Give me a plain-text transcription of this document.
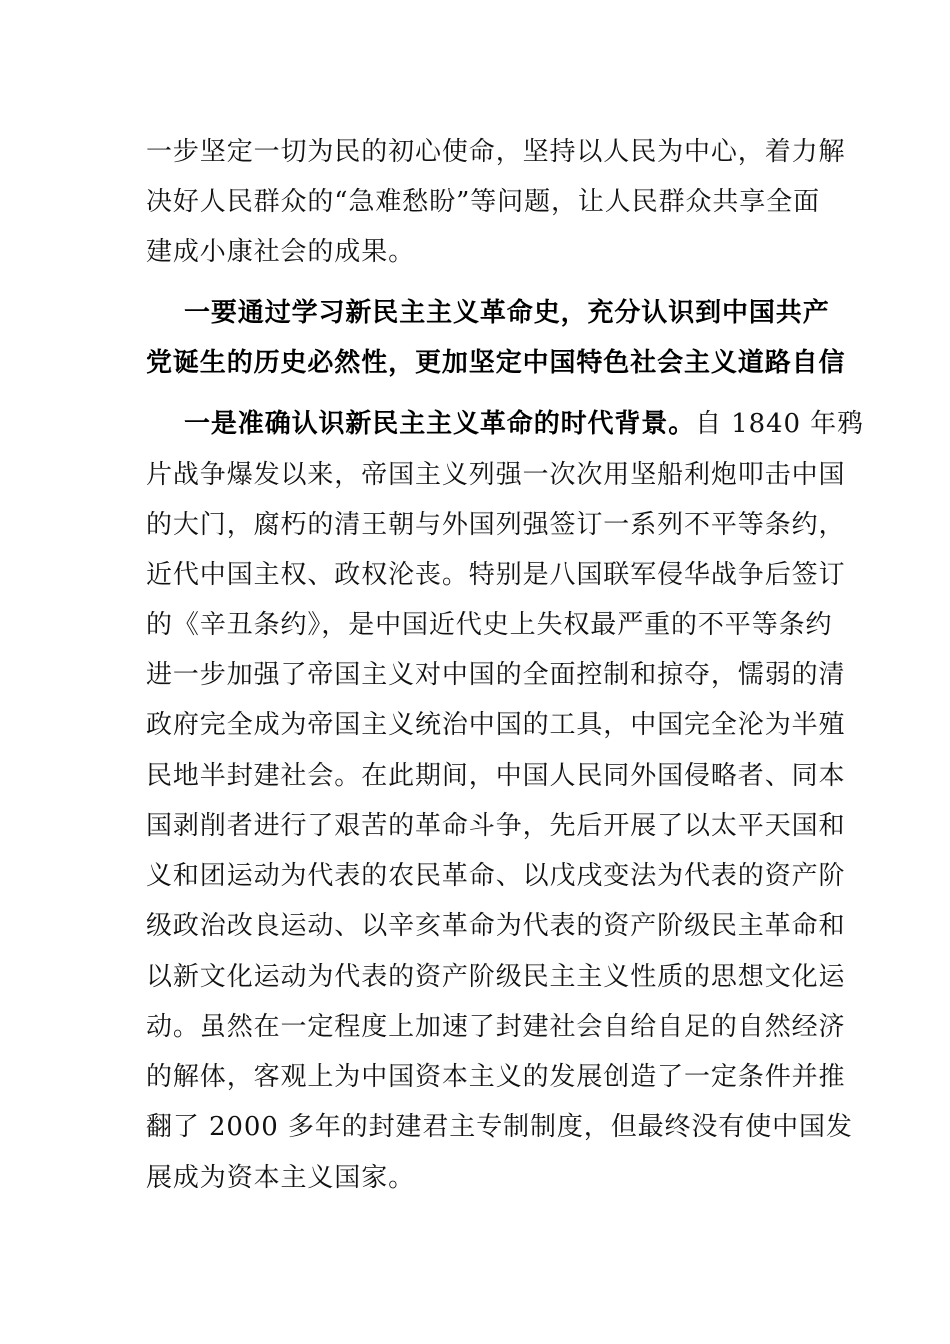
一步坚定一切为民的初心使命，坚持以人民为中心，着力解
决好人民群众的“急难愁盼”等问题，让人民群众共享全面
建成小康社会的成果。
一要通过学习新民主主义革命史，充分认识到中国共产
党诞生的历史必然性，更加坚定中国特色社会主义道路自信
一是准确认识新民主主义革命的时代背景。自 1840 年鸦
片战争爆发以来，帝国主义列强一次次用坚船利炮叩击中国
的大门，腐朽的清王朝与外国列强签订一系列不平等条约，
近代中国主权、政权沦丧。特别是八国联军侵华战争后签订
的《辛丑条约》，是中国近代史上失权最严重的不平等条约
进一步加强了帝国主义对中国的全面控制和掠夺，懦弱的清
政府完全成为帝国主义统治中国的工具，中国完全沦为半殖
民地半封建社会。在此期间，中国人民同外国侵略者、同本
国剥削者进行了艰苦的革命斗争，先后开展了以太平天国和
义和团运动为代表的农民革命、以戊戌变法为代表的资产阶
级政治改良运动、以辛亥革命为代表的资产阶级民主革命和
以新文化运动为代表的资产阶级民主主义性质的思想文化运
动。虽然在一定程度上加速了封建社会自给自足的自然经济
的解体，客观上为中国资本主义的发展创造了一定条件并推
翻了 2000 多年的封建君主专制制度，但最终没有使中国发
展成为资本主义国家。
